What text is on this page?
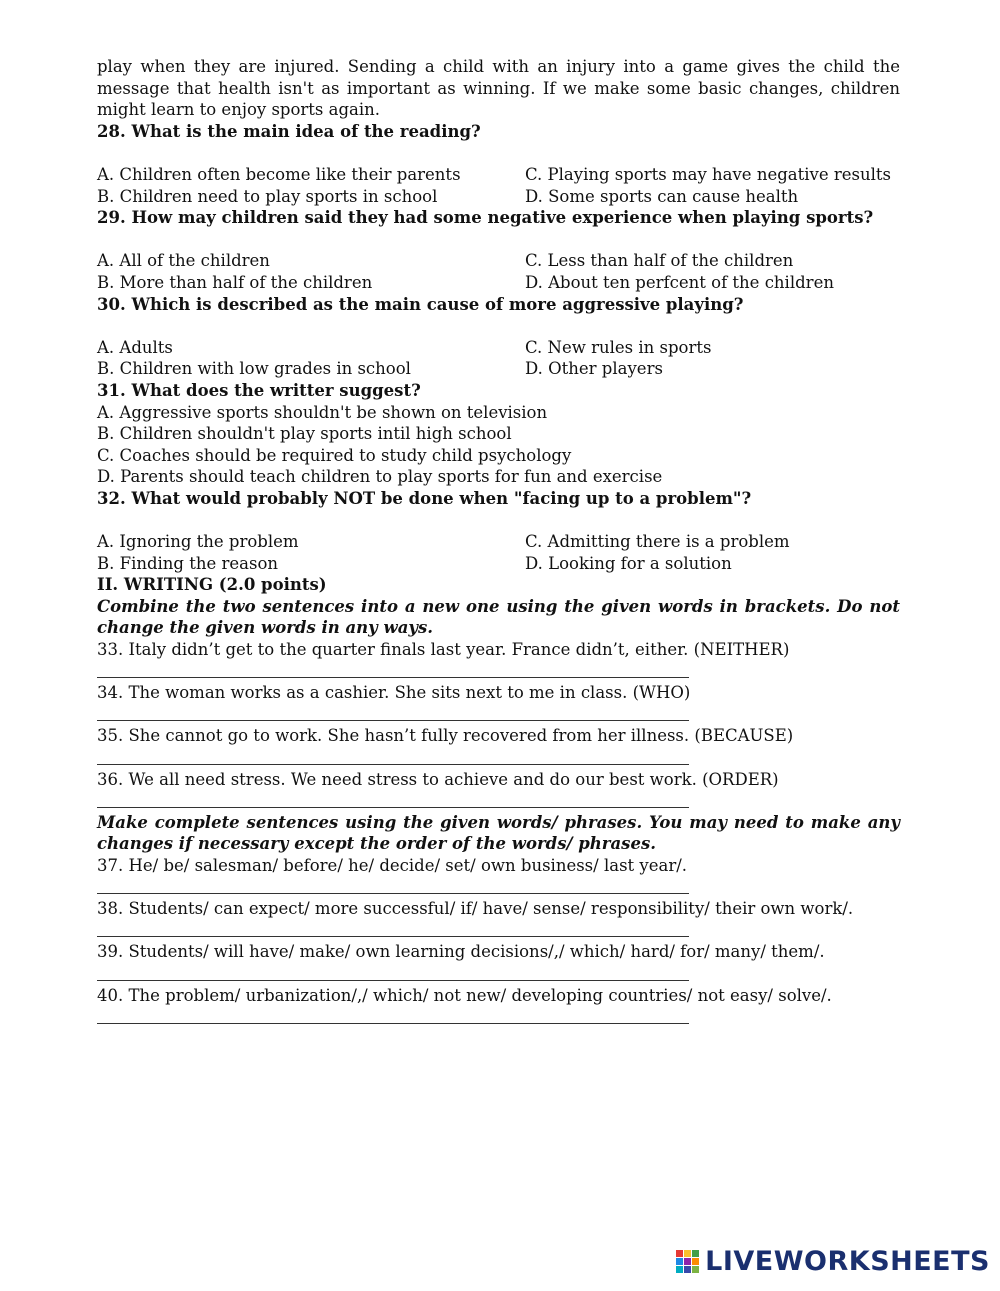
play when they are injured. Sending a child with an injury into a game gives the child the message that health isn't as important as winning. If we make some basic changes, children might learn to enjoy sports again.
28. What is the main idea of the reading?
A. Children often become like their parents	C. Playing sports may have negative results
B. Children need to play sports in school	D. Some sports can cause health
29. How may children said they had some negative experience when playing sports?
A. All of the children	C. Less than half of the children
B. More than half of the children	D. About ten perfcent of the children
30. Which is described as the main cause of more aggressive playing?
A. Adults	C. New rules in sports
B. Children with low grades in school	D. Other players
31. What does the writter suggest?
A. Aggressive sports shouldn't be shown on television
B. Children shouldn't play sports intil high school
C. Coaches should be required to study child psychology
D. Parents should teach children to play sports for fun and exercise
32. What would probably NOT be done when "facing up to a problem"?
A. Ignoring the problem	C. Admitting there is a problem
B. Finding the reason	D. Looking for a solution
II. WRITING (2.0 points)
Combine the two sentences into a new one using the given words in brackets. Do not change the given words in any ways.
33. Italy didn’t get to the quarter finals last year. France didn’t, either. (NEITHER)
34. The woman works as a cashier. She sits next to me in class. (WHO)
35. She cannot go to work. She hasn’t fully recovered from her illness. (BECAUSE)
36. We all need stress. We need stress to achieve and do our best work. (ORDER)
Make complete sentences using the given words/ phrases. You may need to make any changes if necessary except the order of the words/ phrases.
37. He/ be/ salesman/ before/ he/ decide/ set/ own business/ last year/.
38. Students/ can expect/ more successful/ if/ have/ sense/ responsibility/ their own work/.
39. Students/ will have/ make/ own learning decisions/,/ which/ hard/ for/ many/ them/.
40. The problem/ urbanization/,/ which/ not new/ developing countries/ not easy/ solve/.
LIVEWORKSHEETS
